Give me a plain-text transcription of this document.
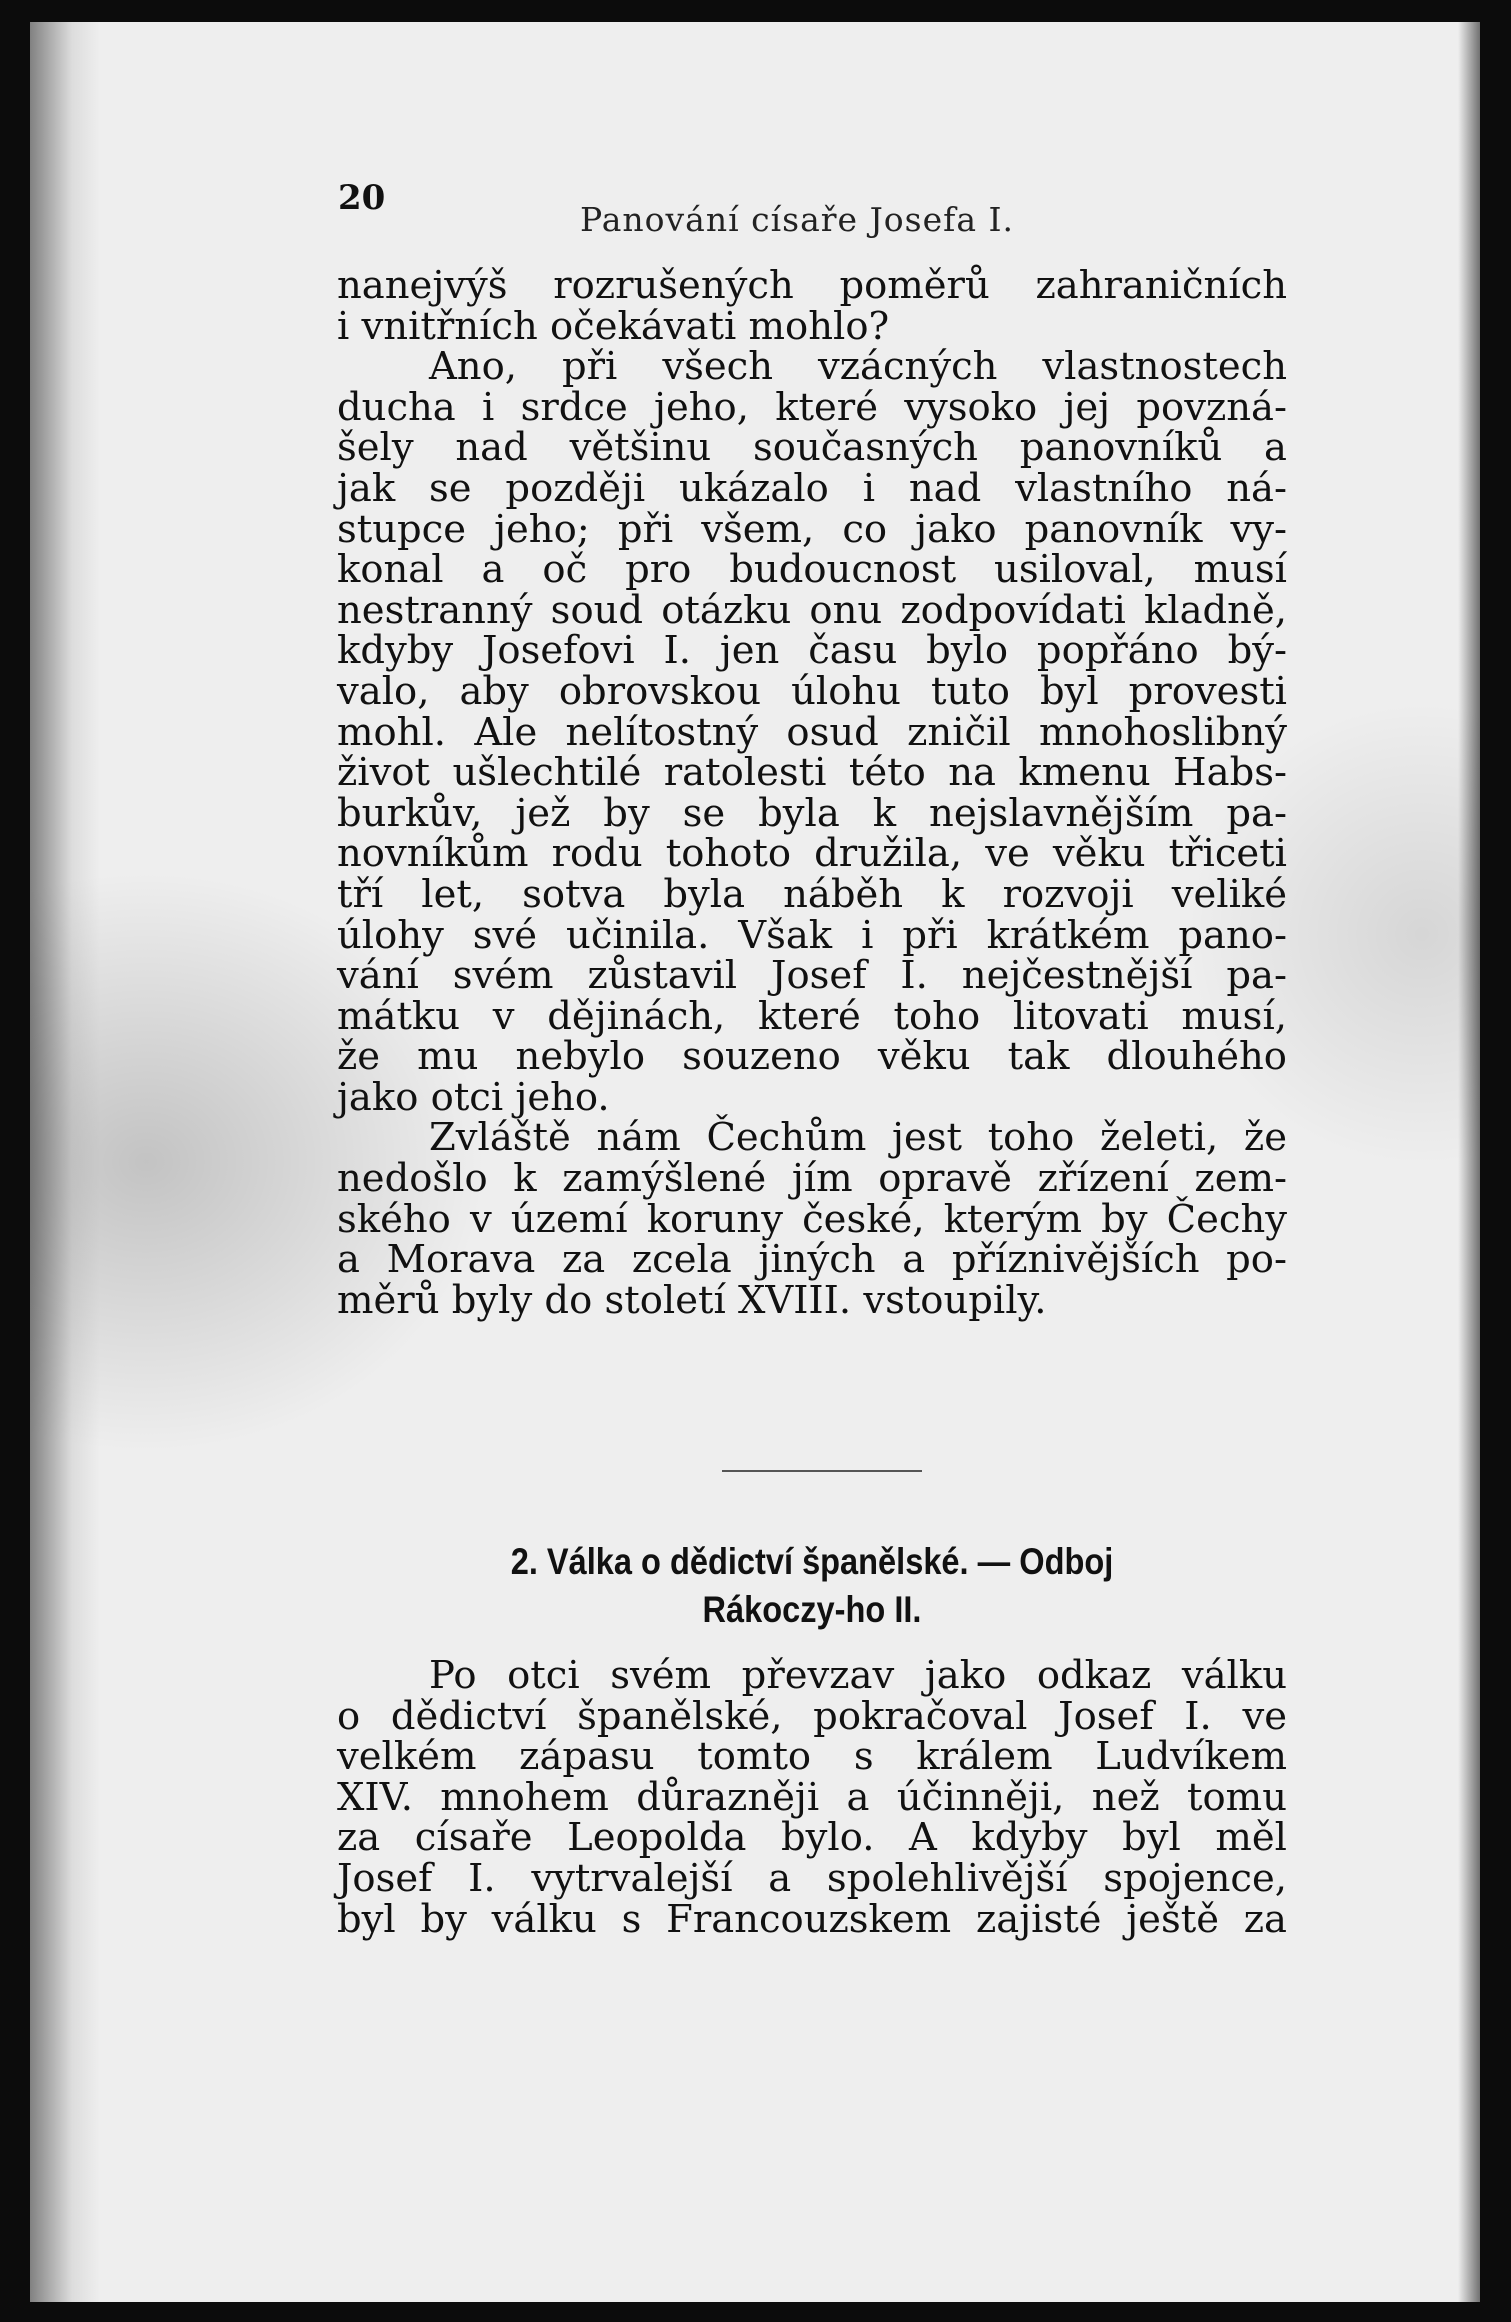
20
Panování císaře Josefa I.
nanejvýš rozrušených poměrů zahraničních
i vnitřních očekávati mohlo?
Ano, při všech vzácných vlastnostech
ducha i srdce jeho, které vysoko jej povzná-
šely nad většinu současných panovníků a
jak se později ukázalo i nad vlastního ná-
stupce jeho; při všem, co jako panovník vy-
konal a oč pro budoucnost usiloval, musí
nestranný soud otázku onu zodpovídati kladně,
kdyby Josefovi I. jen času bylo popřáno bý-
valo, aby obrovskou úlohu tuto byl provesti
mohl. Ale nelítostný osud zničil mnohoslibný
život ušlechtilé ratolesti této na kmenu Habs-
burkův, jež by se byla k nejslavnějším pa-
novníkům rodu tohoto družila, ve věku třiceti
tří let, sotva byla náběh k rozvoji veliké
úlohy své učinila. Však i při krátkém pano-
vání svém zůstavil Josef I. nejčestnější pa-
mátku v dějinách, které toho litovati musí,
že mu nebylo souzeno věku tak dlouhého
jako otci jeho.
Zvláště nám Čechům jest toho želeti, že
nedošlo k zamýšlené jím opravě zřízení zem-
ského v území koruny české, kterým by Čechy
a Morava za zcela jiných a příznivějších po-
měrů byly do století XVIII. vstoupily.
2. Válka o dědictví španělské. — Odboj
Rákoczy-ho II.
Po otci svém převzav jako odkaz válku
o dědictví španělské, pokračoval Josef I. ve
velkém zápasu tomto s králem Ludvíkem
XIV. mnohem důrazněji a účinněji, než tomu
za císaře Leopolda bylo. A kdyby byl měl
Josef I. vytrvalejší a spolehlivější spojence,
byl by válku s Francouzskem zajisté ještě za
